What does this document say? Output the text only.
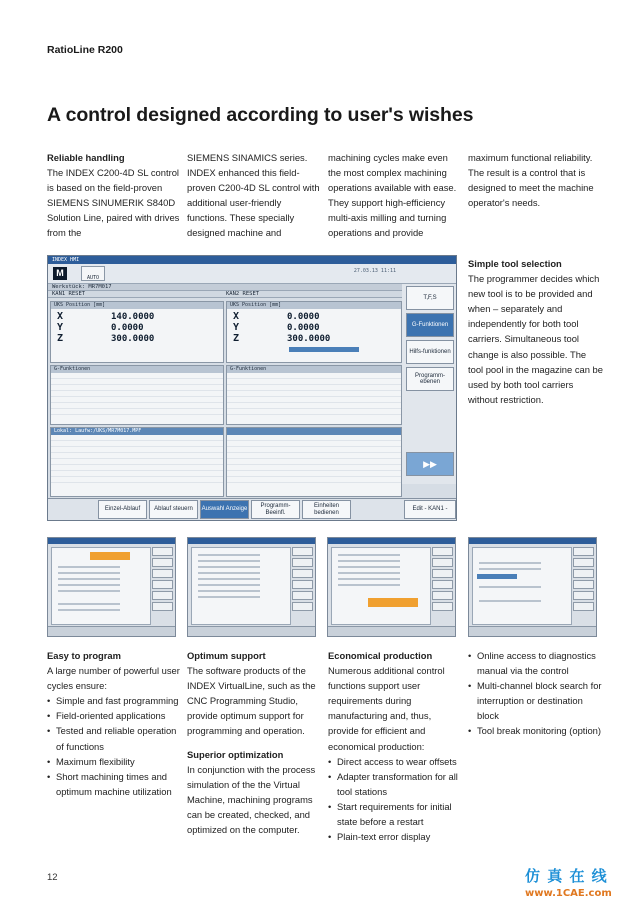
RatioLine R200
A control designed according to user's wishes
Reliable handling

The INDEX C200-4D SL control is based on the field-proven SIEMENS SINUMERIK S840D Solution Line, paired with drives from the

SIEMENS SINAMICS series. INDEX enhanced this field-proven C200-4D SL control with additional user-friendly functions. These specially designed machine and

machining cycles make even the most complex machining operations available with ease. They support high-efficiency multi-axis milling and turning operations and provide

maximum functional reliability. The result is a control that is designed to meet the machine operator's needs.

INDEX HMI
M	AUTO
27.03.13 11:11
Werkstück: MR7M017
KAN1 RESET	KAN2 RESET
UKS Position [mm]
X	140.0000
Y	0.0000
Z	300.0000
UKS Position [mm]
X	0.0000
Y	0.0000
Z	300.0000
G-Funktionen	G-Funktionen
Lokal: Laufw:/UKS/MR7M017.MPF
T,F,S
G-Funktionen
Hilfs-funktionen
Programm-ebenen
▶▶
Einzel-Ablauf Ablauf steuern Auswahl Anzeige
Programm-Beeinfl.
Einheiten bedienen
Edit - KAN1 -
Simple tool selection

The programmer decides which new tool is to be provided and when – separately and independently for both tool carriers. Simultaneous tool change is also possible. The tool pool in the magazine can be used by both tool carriers without restriction.

Easy to program

A large number of powerful user cycles ensure:

• Simple and fast programming
• Field-oriented applications
• Tested and reliable operation of functions
• Maximum flexibility
• Short machining times and optimum machine utilization
Optimum support

The software products of the INDEX VirtualLine, such as the CNC Programming Studio, provide optimum support for programming and operation.

Superior optimization

In conjunction with the process simulation of the the Virtual Machine, machining programs can be created, checked, and optimized on the computer.

Economical production

Numerous additional control functions support user requirements during manufacturing and, thus, provide for efficient and economical production:

• Direct access to wear offsets
• Adapter transformation for all tool stations
• Start requirements for initial state before a restart
• Plain-text error display
• Online access to diagnostics manual via the control
• Multi-channel block search for interruption or destination block
• Tool break monitoring (option)
12	仿 真 在 线
www.1CAE.com
